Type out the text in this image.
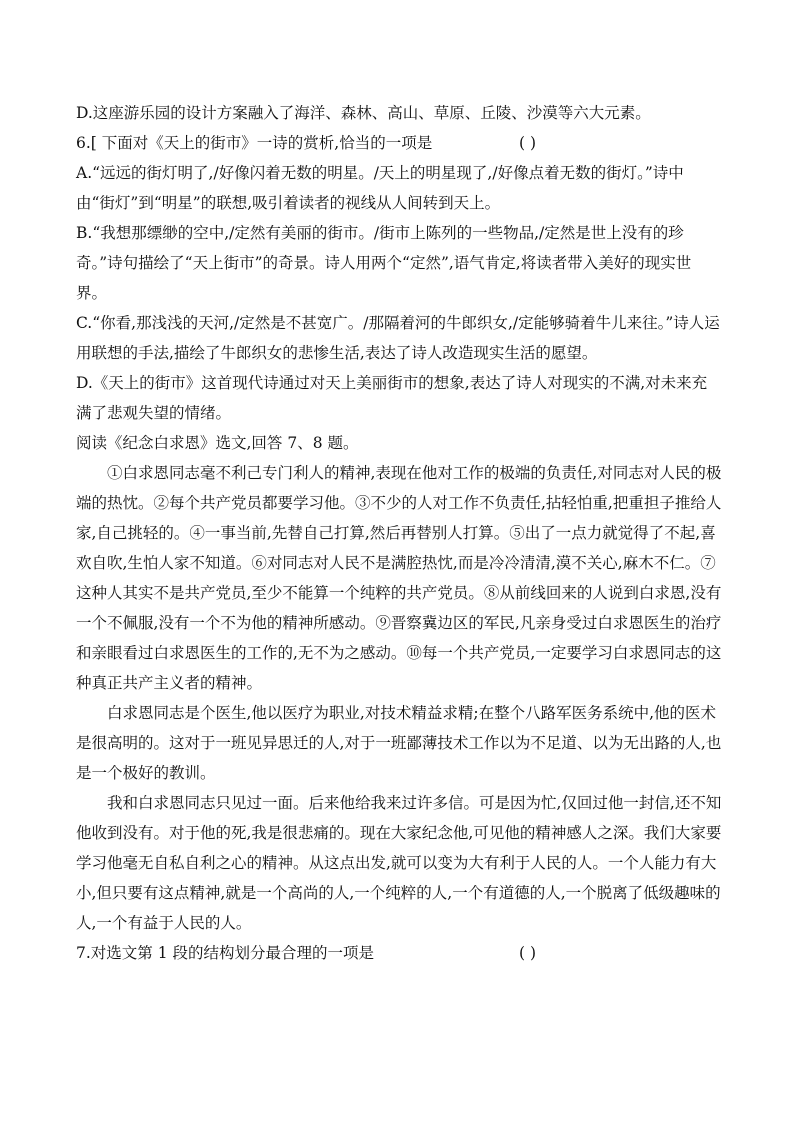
D.这座游乐园的设计方案融入了海洋、森林、高山、草原、丘陵、沙漠等六大元素。

6.[ 下面对《天上的街市》一诗的赏析,恰当的一项是	( )

A.“远远的街灯明了,/好像闪着无数的明星。/天上的明星现了,/好像点着无数的街灯。”诗中由“街灯”到“明星”的联想,吸引着读者的视线从人间转到天上。

B.“我想那缥缈的空中,/定然有美丽的街市。/街市上陈列的一些物品,/定然是世上没有的珍奇。”诗句描绘了“天上街市”的奇景。诗人用两个“定然”,语气肯定,将读者带入美好的现实世界。

C.“你看,那浅浅的天河,/定然是不甚宽广。/那隔着河的牛郎织女,/定能够骑着牛儿来往。”诗人运用联想的手法,描绘了牛郎织女的悲惨生活,表达了诗人改造现实生活的愿望。

D.《天上的街市》这首现代诗通过对天上美丽街市的想象,表达了诗人对现实的不满,对未来充满了悲观失望的情绪。

阅读《纪念白求恩》选文,回答 7、8 题。

①白求恩同志毫不利己专门利人的精神,表现在他对工作的极端的负责任,对同志对人民的极端的热忱。②每个共产党员都要学习他。③不少的人对工作不负责任,拈轻怕重,把重担子推给人家,自己挑轻的。④一事当前,先替自己打算,然后再替别人打算。⑤出了一点力就觉得了不起,喜欢自吹,生怕人家不知道。⑥对同志对人民不是满腔热忱,而是冷冷清清,漠不关心,麻木不仁。⑦这种人其实不是共产党员,至少不能算一个纯粹的共产党员。⑧从前线回来的人说到白求恩,没有一个不佩服,没有一个不为他的精神所感动。⑨晋察冀边区的军民,凡亲身受过白求恩医生的治疗和亲眼看过白求恩医生的工作的,无不为之感动。⑩每一个共产党员,一定要学习白求恩同志的这种真正共产主义者的精神。

白求恩同志是个医生,他以医疗为职业,对技术精益求精;在整个八路军医务系统中,他的医术是很高明的。这对于一班见异思迁的人,对于一班鄙薄技术工作以为不足道、以为无出路的人,也是一个极好的教训。

我和白求恩同志只见过一面。后来他给我来过许多信。可是因为忙,仅回过他一封信,还不知他收到没有。对于他的死,我是很悲痛的。现在大家纪念他,可见他的精神感人之深。我们大家要学习他毫无自私自利之心的精神。从这点出发,就可以变为大有利于人民的人。一个人能力有大小,但只要有这点精神,就是一个高尚的人,一个纯粹的人,一个有道德的人,一个脱离了低级趣味的人,一个有益于人民的人。

7.对选文第 1 段的结构划分最合理的一项是	( )
